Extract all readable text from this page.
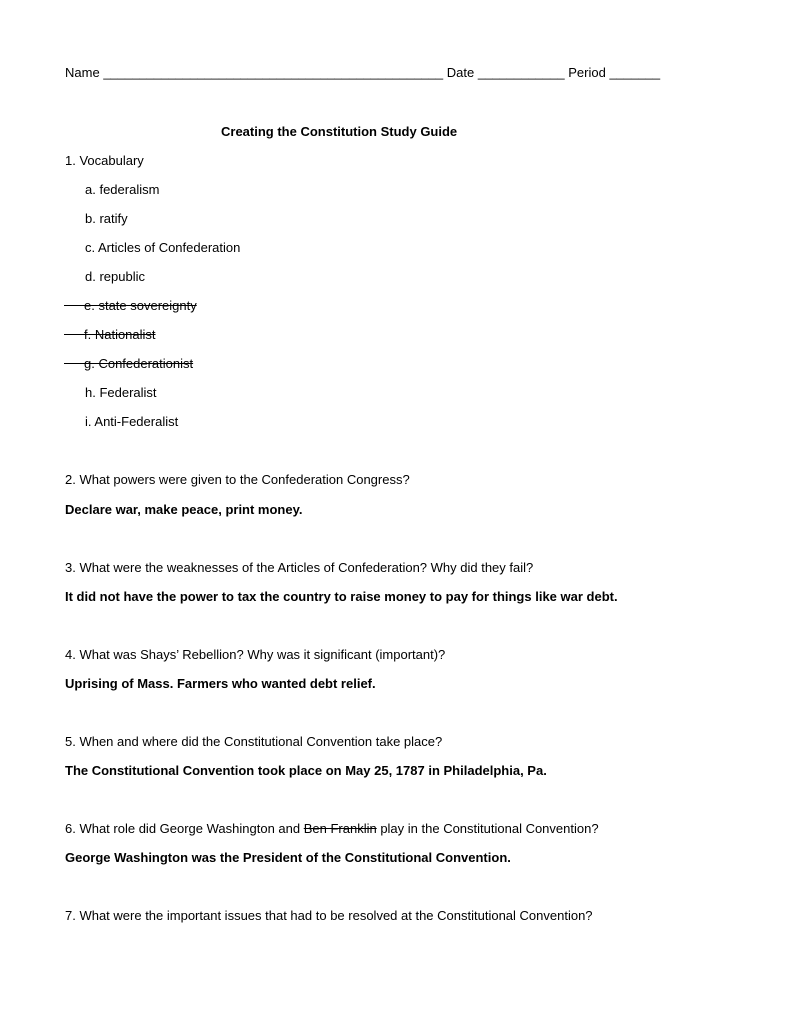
Name _______________________________________________ Date ____________ Period _______
Creating the Constitution Study Guide
1. Vocabulary
a. federalism
b. ratify
c. Articles of Confederation
d. republic
e. state sovereignty
f. Nationalist
g. Confederationist
h. Federalist
i. Anti-Federalist
2. What powers were given to the Confederation Congress?
Declare war, make peace, print money.
3. What were the weaknesses of the Articles of Confederation? Why did they fail?
It did not have the power to tax the country to raise money to pay for things like war debt.
4. What was Shays’ Rebellion? Why was it significant (important)?
Uprising of Mass. Farmers who wanted debt relief.
5. When and where did the Constitutional Convention take place?
The Constitutional Convention took place on May 25, 1787 in Philadelphia, Pa.
6. What role did George Washington and Ben Franklin play in the Constitutional Convention?
George Washington was the President of the Constitutional Convention.
7. What were the important issues that had to be resolved at the Constitutional Convention?
